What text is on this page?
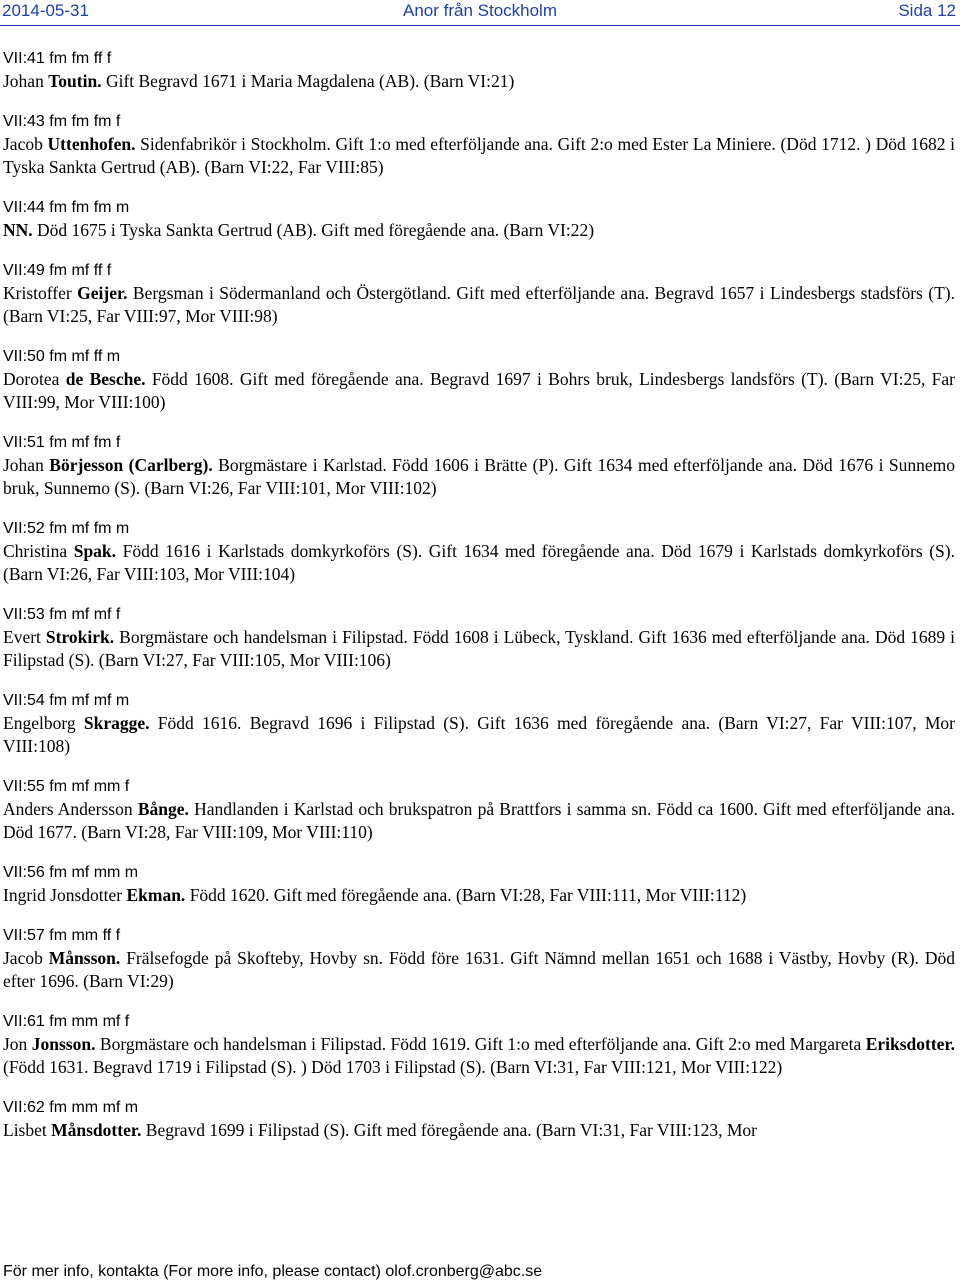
2014-05-31	Anor från Stockholm	Sida 12
VII:41 fm fm ff f
Johan Toutin. Gift Begravd 1671 i Maria Magdalena (AB). (Barn VI:21)
VII:43 fm fm fm f
Jacob Uttenhofen. Sidenfabrikör i Stockholm. Gift 1:o med efterföljande ana. Gift 2:o med Ester La Miniere. (Död 1712. ) Död 1682 i Tyska Sankta Gertrud (AB). (Barn VI:22, Far VIII:85)
VII:44 fm fm fm m
NN. Död 1675 i Tyska Sankta Gertrud (AB). Gift med föregående ana. (Barn VI:22)
VII:49 fm mf ff f
Kristoffer Geijer. Bergsman i Södermanland och Östergötland. Gift med efterföljande ana. Begravd 1657 i Lindesbergs stadsförs (T). (Barn VI:25, Far VIII:97, Mor VIII:98)
VII:50 fm mf ff m
Dorotea de Besche. Född 1608. Gift med föregående ana. Begravd 1697 i Bohrs bruk, Lindesbergs landsförs (T). (Barn VI:25, Far VIII:99, Mor VIII:100)
VII:51 fm mf fm f
Johan Börjesson (Carlberg). Borgmästare i Karlstad. Född 1606 i Brätte (P). Gift 1634 med efterföljande ana. Död 1676 i Sunnemo bruk, Sunnemo (S). (Barn VI:26, Far VIII:101, Mor VIII:102)
VII:52 fm mf fm m
Christina Spak. Född 1616 i Karlstads domkyrkoförs (S). Gift 1634 med föregående ana. Död 1679 i Karlstads domkyrkoförs (S). (Barn VI:26, Far VIII:103, Mor VIII:104)
VII:53 fm mf mf f
Evert Strokirk. Borgmästare och handelsman i Filipstad. Född 1608 i Lübeck, Tyskland. Gift 1636 med efterföljande ana. Död 1689 i Filipstad (S). (Barn VI:27, Far VIII:105, Mor VIII:106)
VII:54 fm mf mf m
Engelborg Skragge. Född 1616. Begravd 1696 i Filipstad (S). Gift 1636 med föregående ana. (Barn VI:27, Far VIII:107, Mor VIII:108)
VII:55 fm mf mm f
Anders Andersson Bånge. Handlanden i Karlstad och brukspatron på Brattfors i samma sn. Född ca 1600. Gift med efterföljande ana. Död 1677. (Barn VI:28, Far VIII:109, Mor VIII:110)
VII:56 fm mf mm m
Ingrid Jonsdotter Ekman. Född 1620. Gift med föregående ana. (Barn VI:28, Far VIII:111, Mor VIII:112)
VII:57 fm mm ff f
Jacob Månsson. Frälsefogde på Skofteby, Hovby sn. Född före 1631. Gift Nämnd mellan 1651 och 1688 i Västby, Hovby (R). Död efter 1696. (Barn VI:29)
VII:61 fm mm mf f
Jon Jonsson. Borgmästare och handelsman i Filipstad. Född 1619. Gift 1:o med efterföljande ana. Gift 2:o med Margareta Eriksdotter. (Född 1631. Begravd 1719 i Filipstad (S). ) Död 1703 i Filipstad (S). (Barn VI:31, Far VIII:121, Mor VIII:122)
VII:62 fm mm mf m
Lisbet Månsdotter. Begravd 1699 i Filipstad (S). Gift med föregående ana. (Barn VI:31, Far VIII:123, Mor
För mer info, kontakta (For more info, please contact) olof.cronberg@abc.se
